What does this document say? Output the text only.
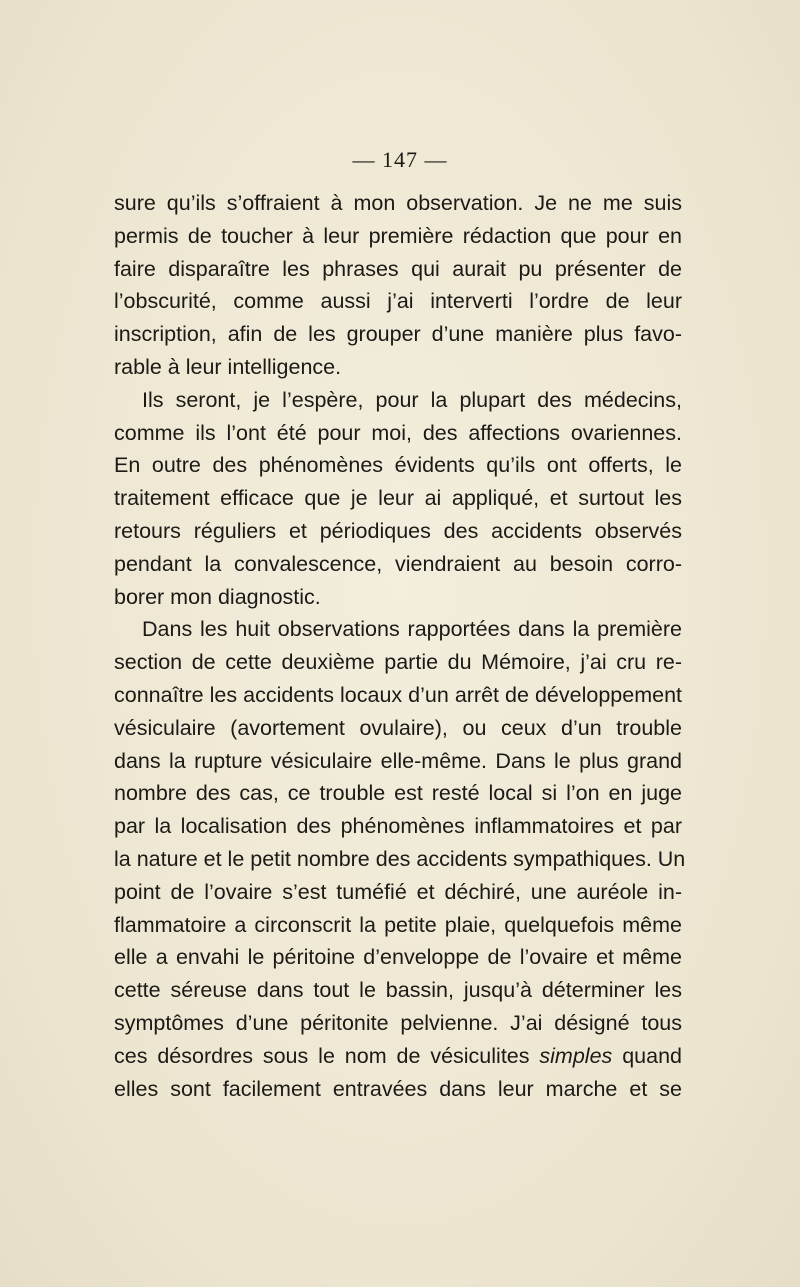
— 147 —
sure qu’ils s’offraient à mon observation. Je ne me suis
permis de toucher à leur première rédaction que pour en
faire disparaître les phrases qui aurait pu présenter de
l’obscurité, comme aussi j’ai interverti l’ordre de leur
inscription, afin de les grouper d’une manière plus favo-
rable à leur intelligence.
Ils seront, je l’espère, pour la plupart des médecins,
comme ils l’ont été pour moi, des affections ovariennes.
En outre des phénomènes évidents qu’ils ont offerts, le
traitement efficace que je leur ai appliqué, et surtout les
retours réguliers et périodiques des accidents observés
pendant la convalescence, viendraient au besoin corro-
borer mon diagnostic.
Dans les huit observations rapportées dans la première
section de cette deuxième partie du Mémoire, j’ai cru re-
connaître les accidents locaux d’un arrêt de développement
vésiculaire (avortement ovulaire), ou ceux d’un trouble
dans la rupture vésiculaire elle-même. Dans le plus grand
nombre des cas, ce trouble est resté local si l’on en juge
par la localisation des phénomènes inflammatoires et par
la nature et le petit nombre des accidents sympathiques. Un
point de l’ovaire s’est tuméfié et déchiré, une auréole in-
flammatoire a circonscrit la petite plaie, quelquefois même
elle a envahi le péritoine d’enveloppe de l’ovaire et même
cette séreuse dans tout le bassin, jusqu’à déterminer les
symptômes d’une péritonite pelvienne. J’ai désigné tous
ces désordres sous le nom de vésiculites simples quand
elles sont facilement entravées dans leur marche et se
